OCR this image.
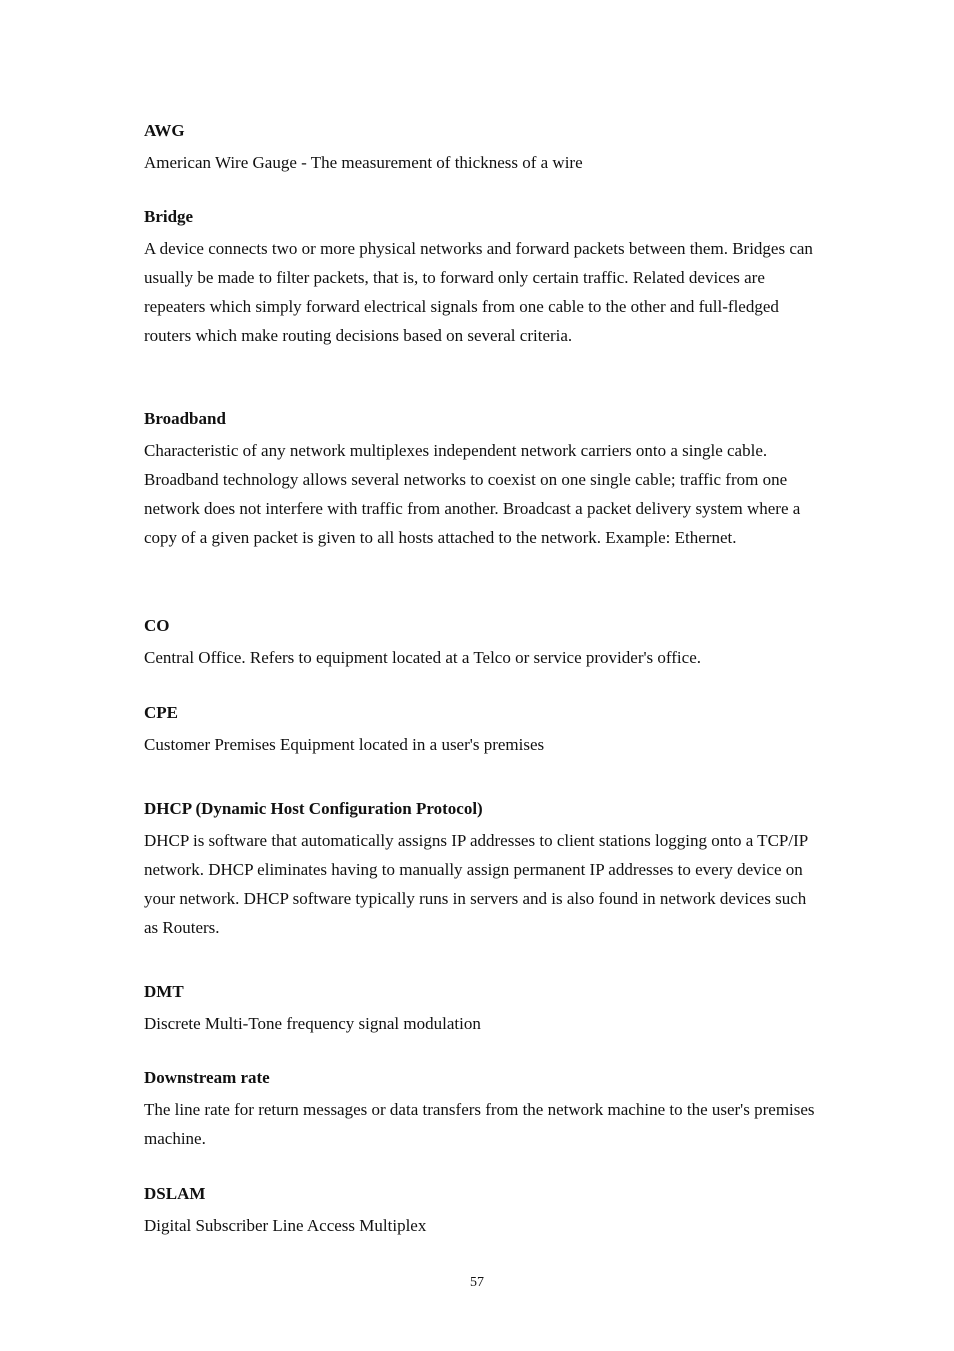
AWG

American Wire Gauge - The measurement of thickness of a wire

Bridge

A device connects two or more physical networks and forward packets between them. Bridges can usually be made to filter packets, that is, to forward only certain traffic. Related devices are repeaters which simply forward electrical signals from one cable to the other and full-fledged routers which make routing decisions based on several criteria.

Broadband

Characteristic of any network multiplexes independent network carriers onto a single cable. Broadband technology allows several networks to coexist on one single cable; traffic from one network does not interfere with traffic from another. Broadcast a packet delivery system where a copy of a given packet is given to all hosts attached to the network. Example: Ethernet.

CO

Central Office. Refers to equipment located at a Telco or service provider's office.

CPE

Customer Premises Equipment located in a user's premises

DHCP (Dynamic Host Configuration Protocol)

DHCP is software that automatically assigns IP addresses to client stations logging onto a TCP/IP network. DHCP eliminates having to manually assign permanent IP addresses to every device on your network. DHCP software typically runs in servers and is also found in network devices such as Routers.

DMT

Discrete Multi-Tone frequency signal modulation

Downstream rate

The line rate for return messages or data transfers from the network machine to the user's premises machine.

DSLAM

Digital Subscriber Line Access Multiplex

57
